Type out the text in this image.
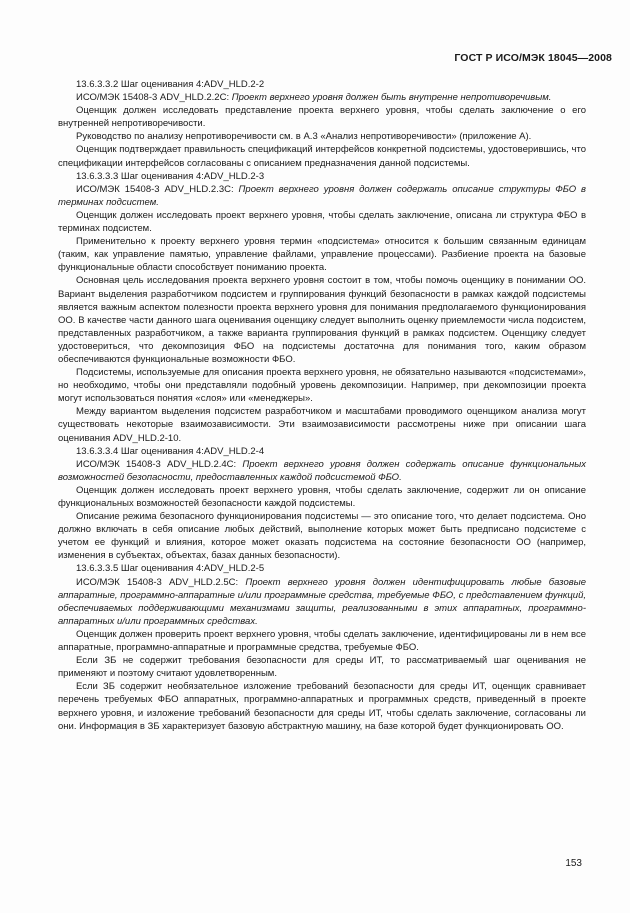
ГОСТ Р ИСО/МЭК 18045—2008

13.6.3.3.2 Шаг оценивания 4:ADV_HLD.2-2

ИСО/МЭК 15408-3 ADV_HLD.2.2С: Проект верхнего уровня должен быть внутренне непротиворечивым.

Оценщик должен исследовать представление проекта верхнего уровня, чтобы сделать заключение о его внутренней непротиворечивости.

Руководство по анализу непротиворечивости см. в А.3 «Анализ непротиворечивости» (приложение А).

Оценщик подтверждает правильность спецификаций интерфейсов конкретной подсистемы, удостоверившись, что спецификации интерфейсов согласованы с описанием предназначения данной подсистемы.

13.6.3.3.3 Шаг оценивания 4:ADV_HLD.2-3

ИСО/МЭК 15408-3 ADV_HLD.2.3С: Проект верхнего уровня должен содержать описание структуры ФБО в терминах подсистем.

Оценщик должен исследовать проект верхнего уровня, чтобы сделать заключение, описана ли структура ФБО в терминах подсистем.

Применительно к проекту верхнего уровня термин «подсистема» относится к большим связанным единицам (таким, как управление памятью, управление файлами, управление процессами). Разбиение проекта на базовые функциональные области способствует пониманию проекта.

Основная цель исследования проекта верхнего уровня состоит в том, чтобы помочь оценщику в понимании ОО. Вариант выделения разработчиком подсистем и группирования функций безопасности в рамках каждой подсистемы является важным аспектом полезности проекта верхнего уровня для понимания предполагаемого функционирования ОО. В качестве части данного шага оценивания оценщику следует выполнить оценку приемлемости числа подсистем, представленных разработчиком, а также варианта группирования функций в рамках подсистем. Оценщику следует удостовериться, что декомпозиция ФБО на подсистемы достаточна для понимания того, каким образом обеспечиваются функциональные возможности ФБО.

Подсистемы, используемые для описания проекта верхнего уровня, не обязательно называются «подсистемами», но необходимо, чтобы они представляли подобный уровень декомпозиции. Например, при декомпозиции проекта могут использоваться понятия «слоя» или «менеджеры».

Между вариантом выделения подсистем разработчиком и масштабами проводимого оценщиком анализа могут существовать некоторые взаимозависимости. Эти взаимозависимости рассмотрены ниже при описании шага оценивания ADV_HLD.2-10.

13.6.3.3.4 Шаг оценивания 4:ADV_HLD.2-4

ИСО/МЭК 15408-3 ADV_HLD.2.4С: Проект верхнего уровня должен содержать описание функциональных возможностей безопасности, предоставленных каждой подсистемой ФБО.

Оценщик должен исследовать проект верхнего уровня, чтобы сделать заключение, содержит ли он описание функциональных возможностей безопасности каждой подсистемы.

Описание режима безопасного функционирования подсистемы — это описание того, что делает подсистема. Оно должно включать в себя описание любых действий, выполнение которых может быть предписано подсистеме с учетом ее функций и влияния, которое может оказать подсистема на состояние безопасности ОО (например, изменения в субъектах, объектах, базах данных безопасности).

13.6.3.3.5 Шаг оценивания 4:ADV_HLD.2-5

ИСО/МЭК 15408-3 ADV_HLD.2.5С: Проект верхнего уровня должен идентифицировать любые базовые аппаратные, программно-аппаратные и/или программные средства, требуемые ФБО, с представлением функций, обеспечиваемых поддерживающими механизмами защиты, реализованными в этих аппаратных, программно-аппаратных и/или программных средствах.

Оценщик должен проверить проект верхнего уровня, чтобы сделать заключение, идентифицированы ли в нем все аппаратные, программно-аппаратные и программные средства, требуемые ФБО.

Если ЗБ не содержит требования безопасности для среды ИТ, то рассматриваемый шаг оценивания не применяют и поэтому считают удовлетворенным.

Если ЗБ содержит необязательное изложение требований безопасности для среды ИТ, оценщик сравнивает перечень требуемых ФБО аппаратных, программно-аппаратных и программных средств, приведенный в проекте верхнего уровня, и изложение требований безопасности для среды ИТ, чтобы сделать заключение, согласованы ли они. Информация в ЗБ характеризует базовую абстрактную машину, на базе которой будет функционировать ОО.

153
